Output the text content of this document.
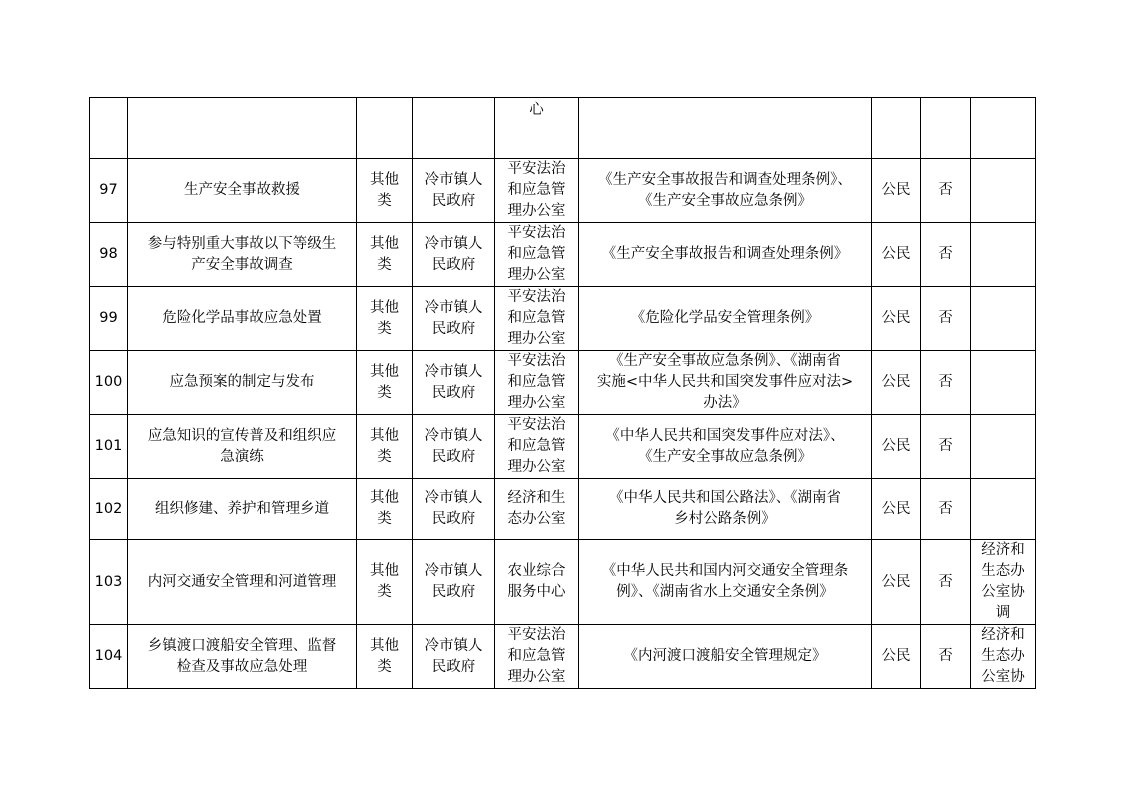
				心				

97	生产安全事故救援	其他
类	冷市镇人
民政府	平安法治
和应急管
理办公室	《生产安全事故报告和调查处理条例》、
《生产安全事故应急条例》	公民	否	

98	参与特别重大事故以下等级生
产安全事故调查	其他
类	冷市镇人
民政府	平安法治
和应急管
理办公室	《生产安全事故报告和调查处理条例》	公民	否	

99	危险化学品事故应急处置	其他
类	冷市镇人
民政府	平安法治
和应急管
理办公室	《危险化学品安全管理条例》	公民	否	

100	应急预案的制定与发布	其他
类	冷市镇人
民政府	平安法治
和应急管
理办公室	《生产安全事故应急条例》、《湖南省
实施<中华人民共和国突发事件应对法>
办法》	公民	否	

101	应急知识的宣传普及和组织应
急演练	其他
类	冷市镇人
民政府	平安法治
和应急管
理办公室	《中华人民共和国突发事件应对法》、
《生产安全事故应急条例》	公民	否	

102	组织修建、养护和管理乡道	其他
类	冷市镇人
民政府	经济和生
态办公室	《中华人民共和国公路法》、《湖南省
乡村公路条例》	公民	否	

103	内河交通安全管理和河道管理	其他
类	冷市镇人
民政府	农业综合
服务中心	《中华人民共和国内河交通安全管理条
例》、《湖南省水上交通安全条例》	公民	否	经济和
生态办
公室协
调

104	乡镇渡口渡船安全管理、监督
检查及事故应急处理	其他
类	冷市镇人
民政府	平安法治
和应急管
理办公室	《内河渡口渡船安全管理规定》	公民	否	经济和
生态办
公室协
